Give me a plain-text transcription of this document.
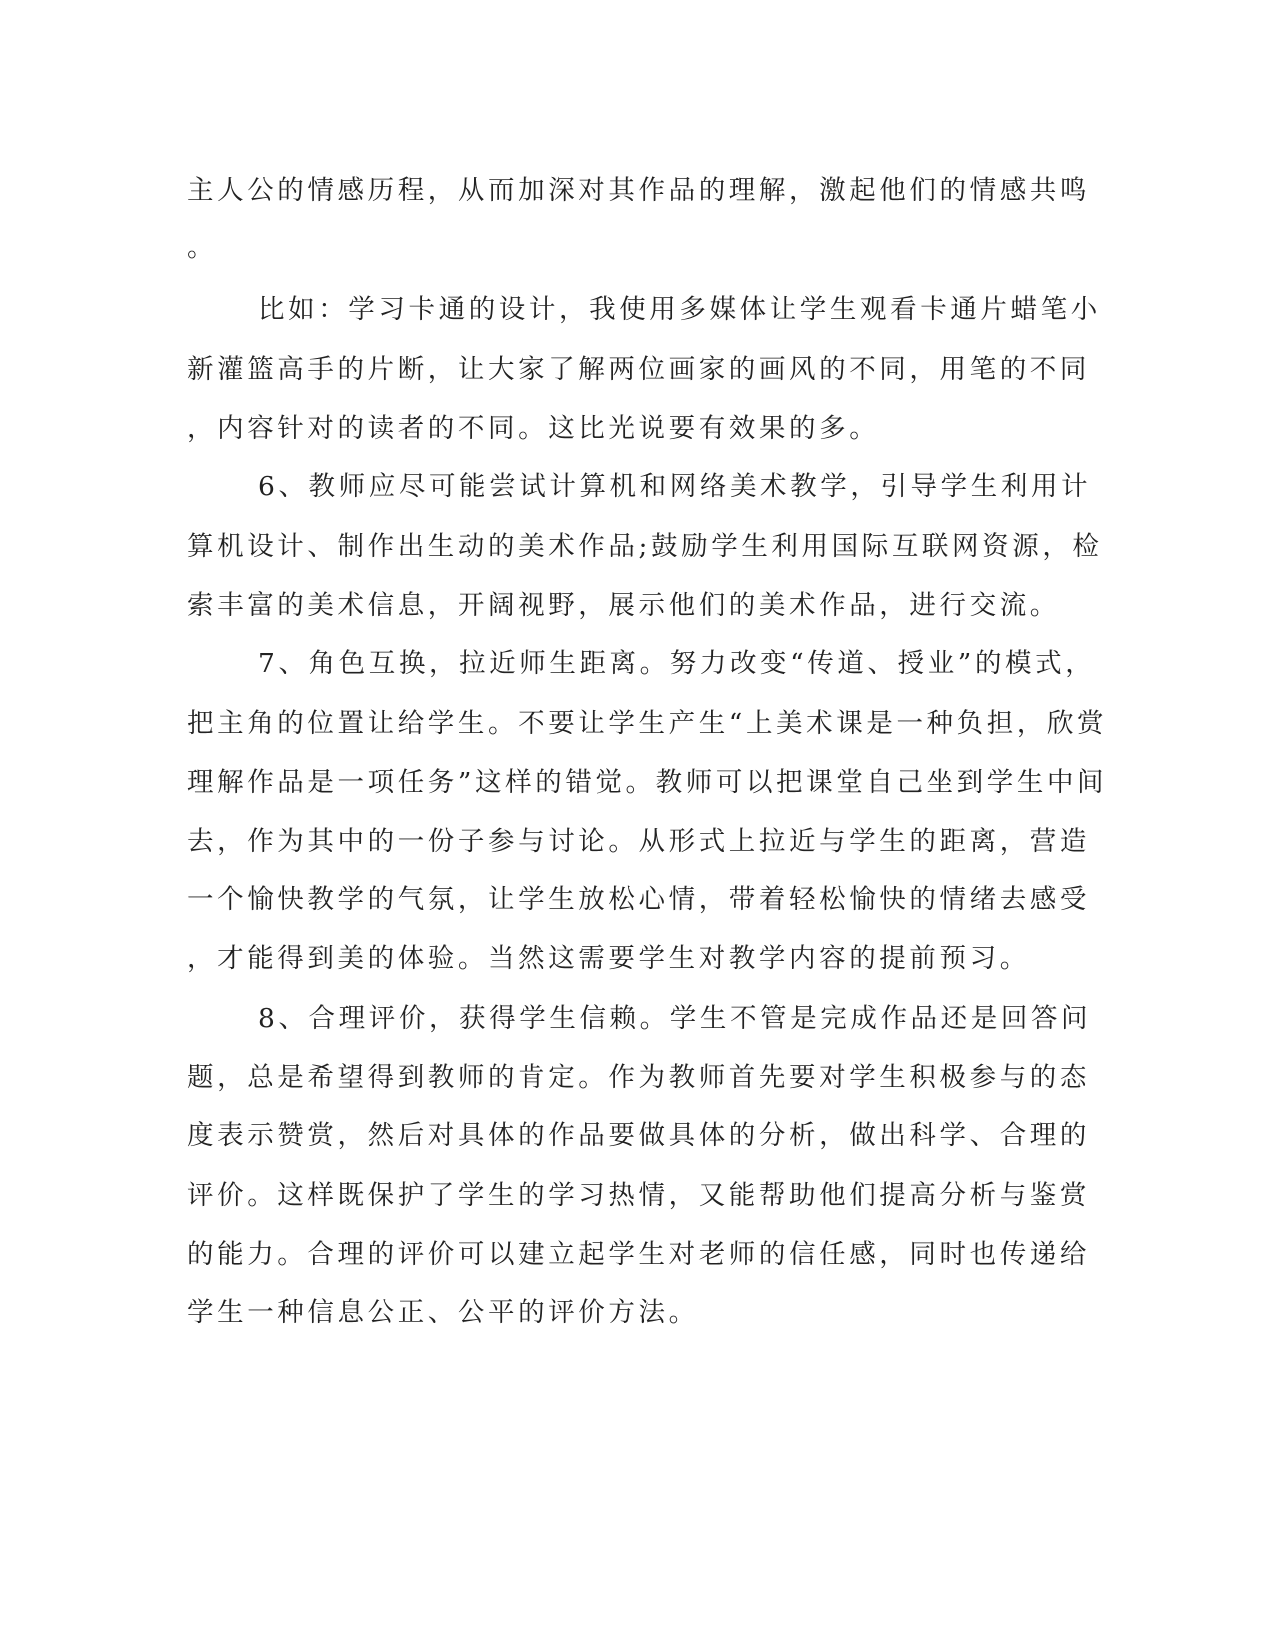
主人公的情感历程，从而加深对其作品的理解，激起他们的情感共鸣
。
比如：学习卡通的设计，我使用多媒体让学生观看卡通片蜡笔小
新灌篮高手的片断，让大家了解两位画家的画风的不同，用笔的不同
，内容针对的读者的不同。这比光说要有效果的多。
6、教师应尽可能尝试计算机和网络美术教学，引导学生利用计
算机设计、制作出生动的美术作品;鼓励学生利用国际互联网资源，检
索丰富的美术信息，开阔视野，展示他们的美术作品，进行交流。
7、角色互换，拉近师生距离。努力改变“传道、授业”的模式，
把主角的位置让给学生。不要让学生产生“上美术课是一种负担，欣赏
理解作品是一项任务”这样的错觉。教师可以把课堂自己坐到学生中间
去，作为其中的一份子参与讨论。从形式上拉近与学生的距离，营造
一个愉快教学的气氛，让学生放松心情，带着轻松愉快的情绪去感受
，才能得到美的体验。当然这需要学生对教学内容的提前预习。
8、合理评价，获得学生信赖。学生不管是完成作品还是回答问
题，总是希望得到教师的肯定。作为教师首先要对学生积极参与的态
度表示赞赏，然后对具体的作品要做具体的分析，做出科学、合理的
评价。这样既保护了学生的学习热情，又能帮助他们提高分析与鉴赏
的能力。合理的评价可以建立起学生对老师的信任感，同时也传递给
学生一种信息公正、公平的评价方法。
